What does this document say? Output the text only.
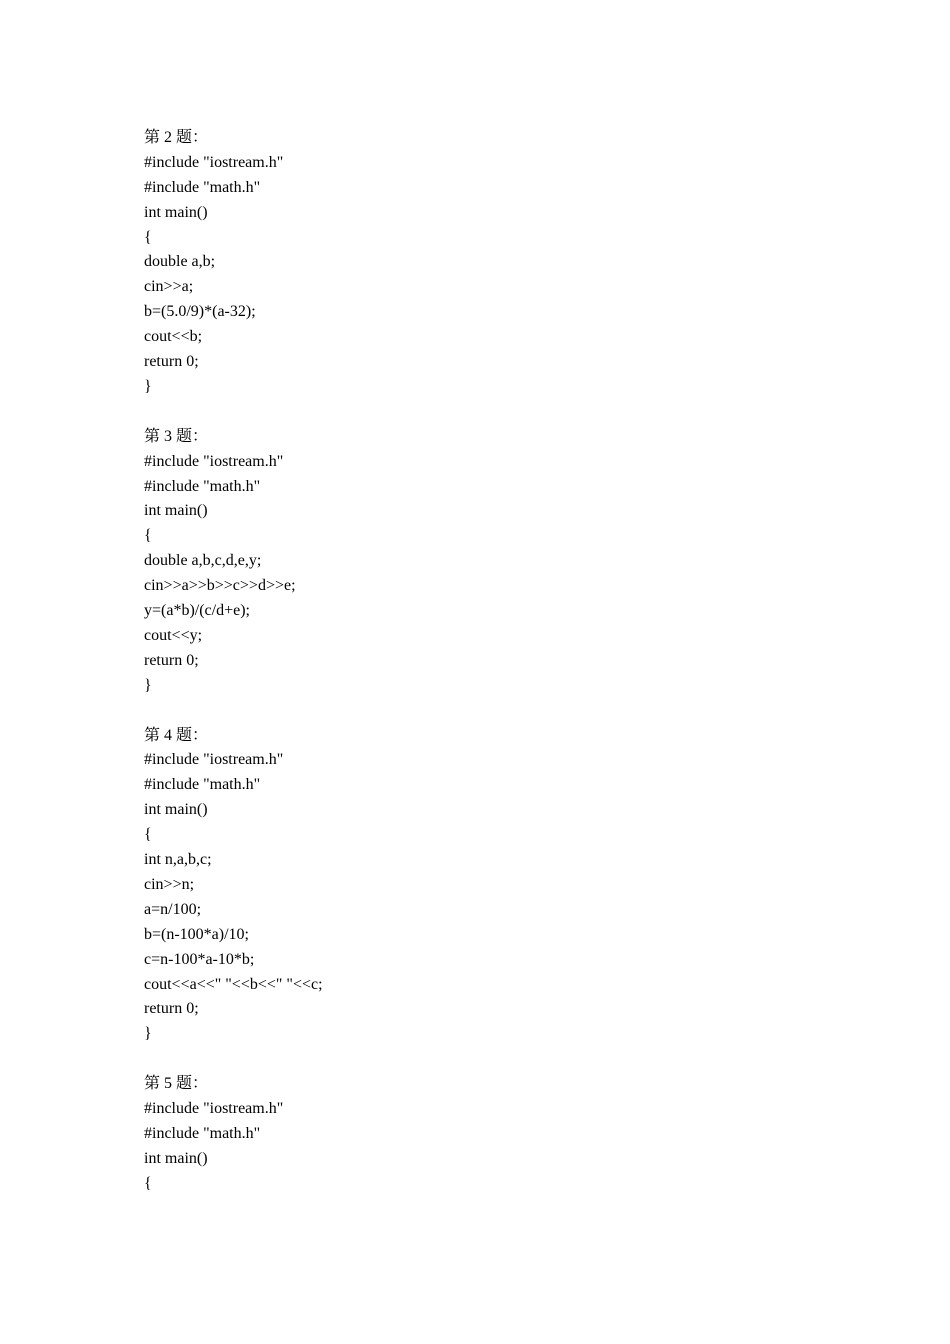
第 2 题：
#include "iostream.h"
#include "math.h"
int main()
{
double a,b;
cin>>a;
b=(5.0/9)*(a-32);
cout<<b;
return 0;
}
第 3 题：
#include "iostream.h"
#include "math.h"
int main()
{
double a,b,c,d,e,y;
cin>>a>>b>>c>>d>>e;
y=(a*b)/(c/d+e);
cout<<y;
return 0;
}
第 4 题：
#include "iostream.h"
#include "math.h"
int main()
{
int n,a,b,c;
cin>>n;
a=n/100;
b=(n-100*a)/10;
c=n-100*a-10*b;
cout<<a<<" "<<b<<" "<<c;
return 0;
}
第 5 题：
#include "iostream.h"
#include "math.h"
int main()
{
